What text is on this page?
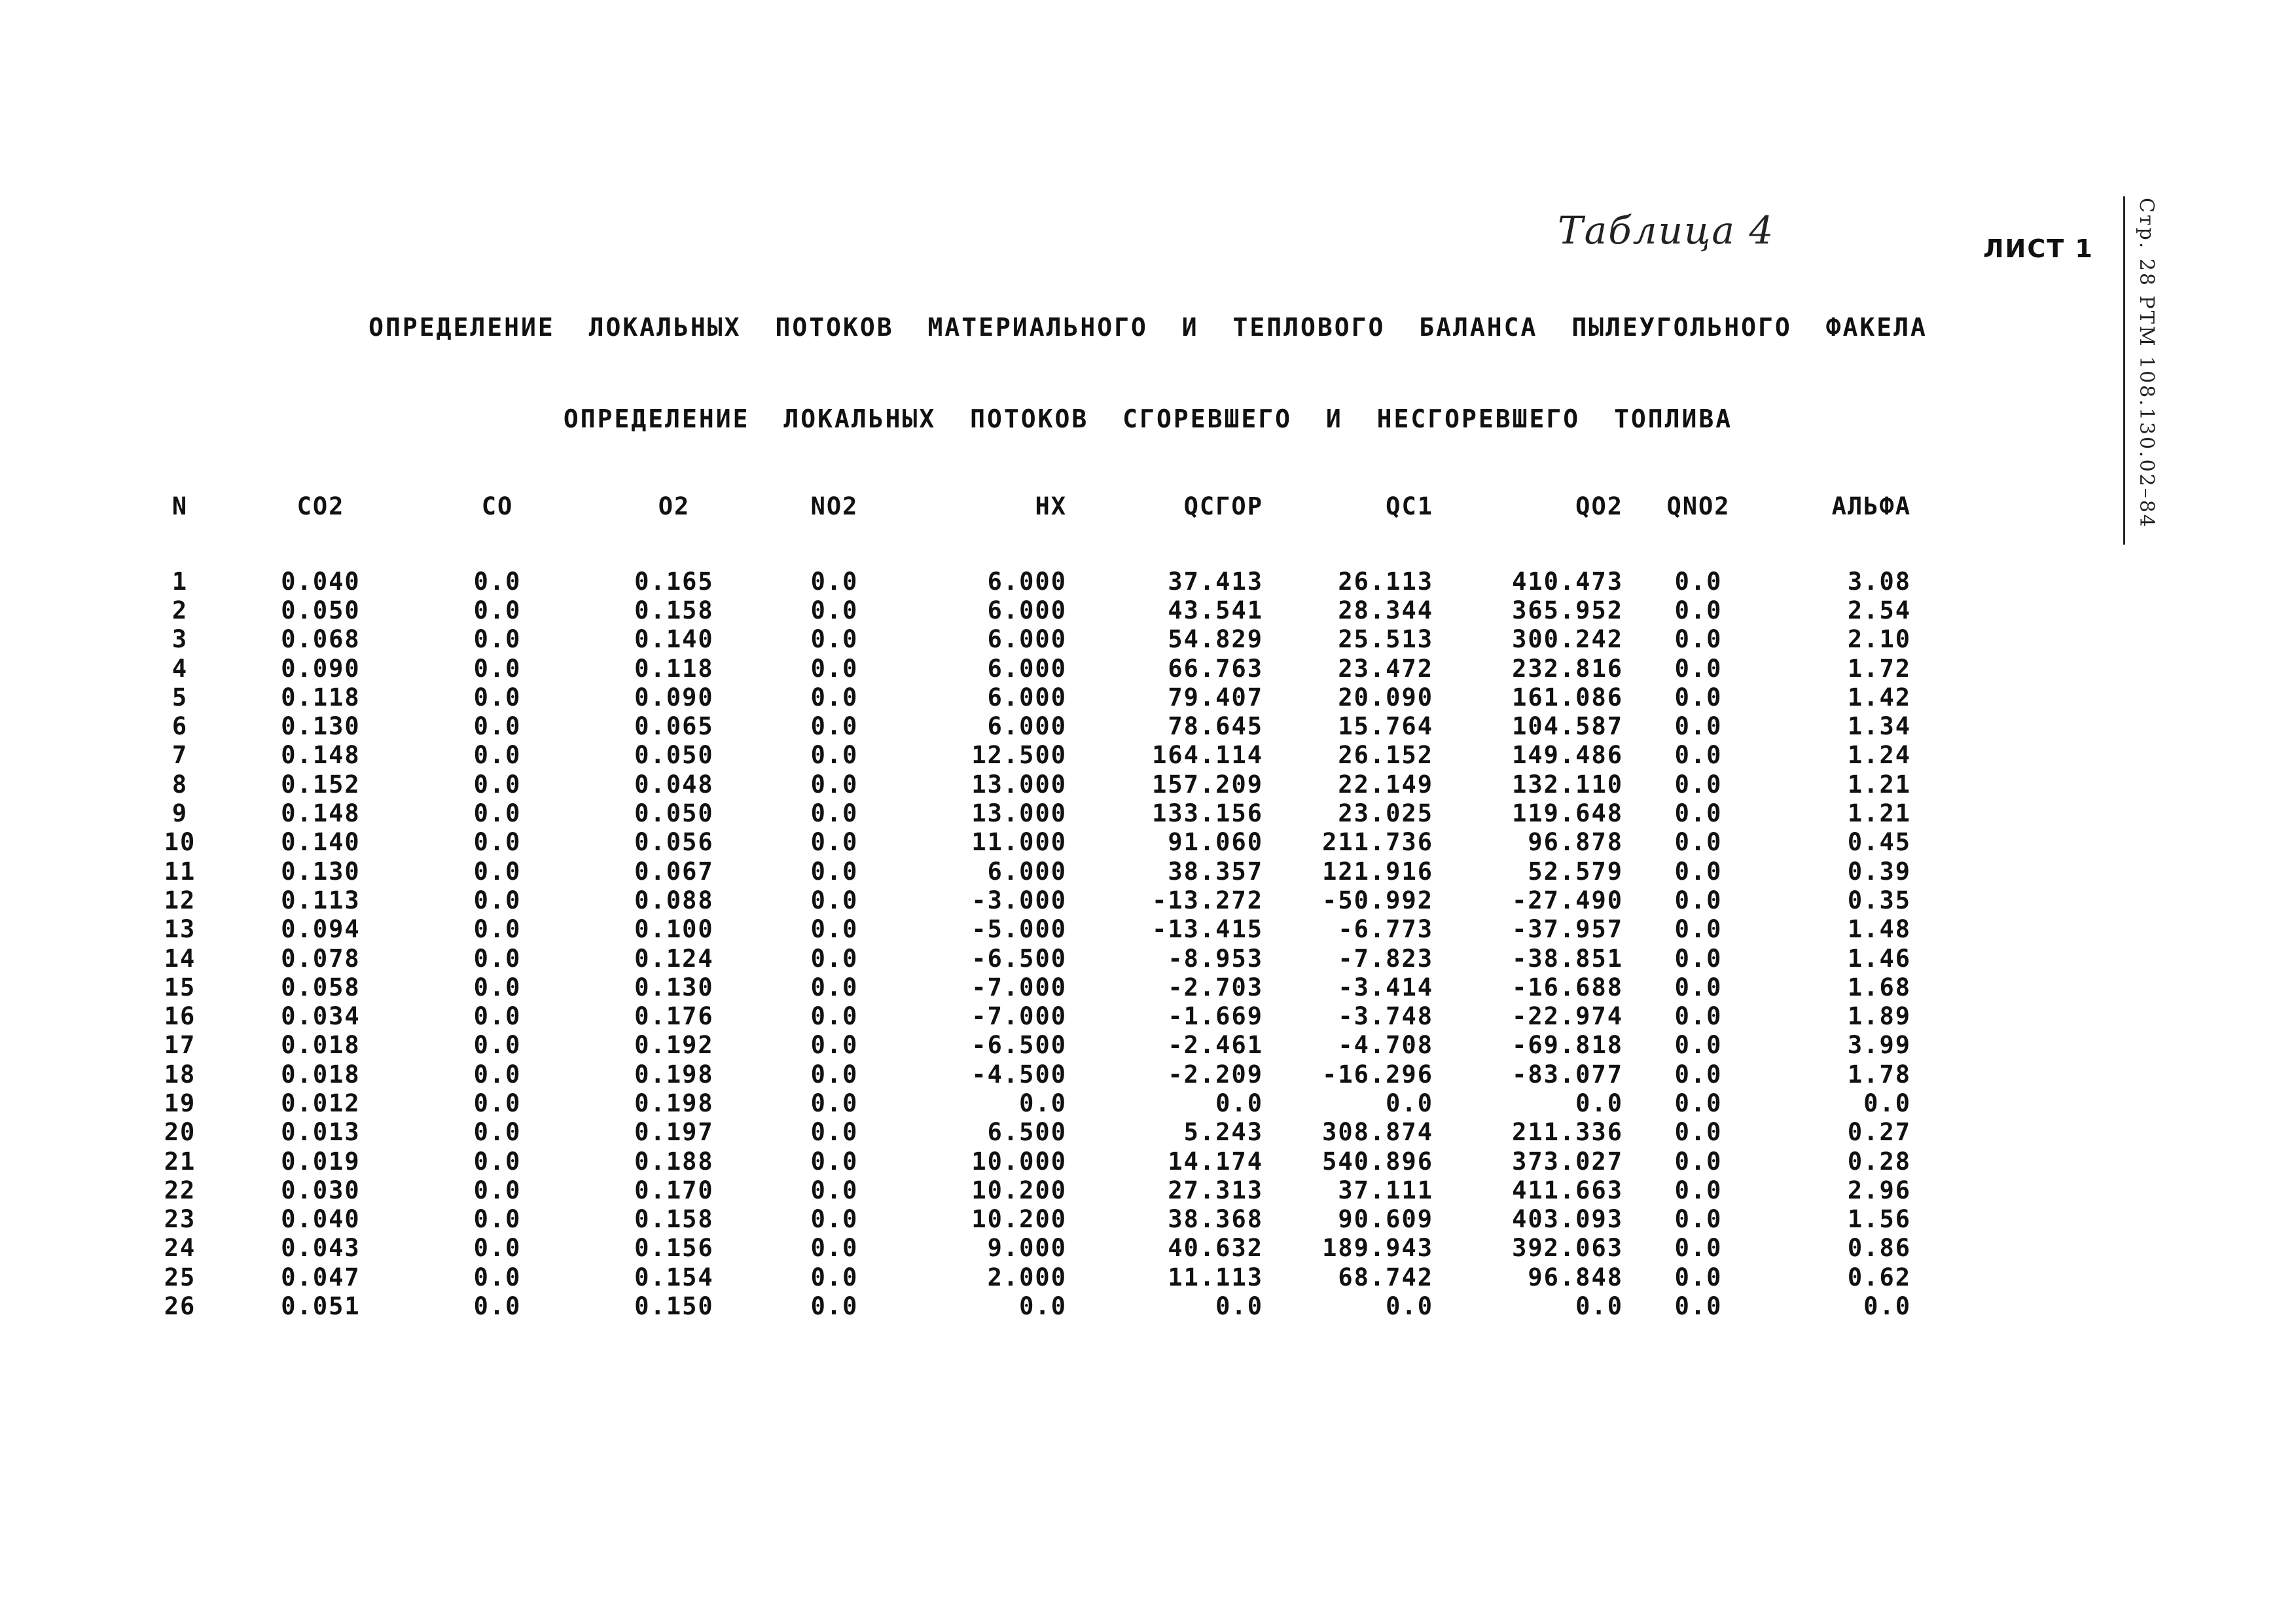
Таблица 4	ЛИСТ 1 Стр. 28 РТМ 108.130.02–84
ОПРЕДЕЛЕНИЕ ЛОКАЛЬНЫХ ПОТОКОВ МАТЕРИАЛЬНОГО И ТЕПЛОВОГО БАЛАНСА ПЫЛЕУГОЛЬНОГО ФАКЕЛА
ОПРЕДЕЛЕНИЕ ЛОКАЛЬНЫХ ПОТОКОВ СГОРЕВШЕГО И НЕСГОРЕВШЕГО ТОПЛИВА
N	CO2	CO	O2	NO2	HX	QСГОР	QС1	QO2	QNO2	АЛЬФА
1	0.040	0.0	0.165	0.0	6.000	37.413	26.113	410.473	0.0	3.08
2	0.050	0.0	0.158	0.0	6.000	43.541	28.344	365.952	0.0	2.54
3	0.068	0.0	0.140	0.0	6.000	54.829	25.513	300.242	0.0	2.10
4	0.090	0.0	0.118	0.0	6.000	66.763	23.472	232.816	0.0	1.72
5	0.118	0.0	0.090	0.0	6.000	79.407	20.090	161.086	0.0	1.42
6	0.130	0.0	0.065	0.0	6.000	78.645	15.764	104.587	0.0	1.34
7	0.148	0.0	0.050	0.0	12.500	164.114	26.152	149.486	0.0	1.24
8	0.152	0.0	0.048	0.0	13.000	157.209	22.149	132.110	0.0	1.21
9	0.148	0.0	0.050	0.0	13.000	133.156	23.025	119.648	0.0	1.21
10	0.140	0.0	0.056	0.0	11.000	91.060	211.736	96.878	0.0	0.45
11	0.130	0.0	0.067	0.0	6.000	38.357	121.916	52.579	0.0	0.39
12	0.113	0.0	0.088	0.0	-3.000	-13.272	-50.992	-27.490	0.0	0.35
13	0.094	0.0	0.100	0.0	-5.000	-13.415	-6.773	-37.957	0.0	1.48
14	0.078	0.0	0.124	0.0	-6.500	-8.953	-7.823	-38.851	0.0	1.46
15	0.058	0.0	0.130	0.0	-7.000	-2.703	-3.414	-16.688	0.0	1.68
16	0.034	0.0	0.176	0.0	-7.000	-1.669	-3.748	-22.974	0.0	1.89
17	0.018	0.0	0.192	0.0	-6.500	-2.461	-4.708	-69.818	0.0	3.99
18	0.018	0.0	0.198	0.0	-4.500	-2.209	-16.296	-83.077	0.0	1.78
19	0.012	0.0	0.198	0.0	0.0	0.0	0.0	0.0	0.0	0.0
20	0.013	0.0	0.197	0.0	6.500	5.243	308.874	211.336	0.0	0.27
21	0.019	0.0	0.188	0.0	10.000	14.174	540.896	373.027	0.0	0.28
22	0.030	0.0	0.170	0.0	10.200	27.313	37.111	411.663	0.0	2.96
23	0.040	0.0	0.158	0.0	10.200	38.368	90.609	403.093	0.0	1.56
24	0.043	0.0	0.156	0.0	9.000	40.632	189.943	392.063	0.0	0.86
25	0.047	0.0	0.154	0.0	2.000	11.113	68.742	96.848	0.0	0.62
26	0.051	0.0	0.150	0.0	0.0	0.0	0.0	0.0	0.0	0.0
